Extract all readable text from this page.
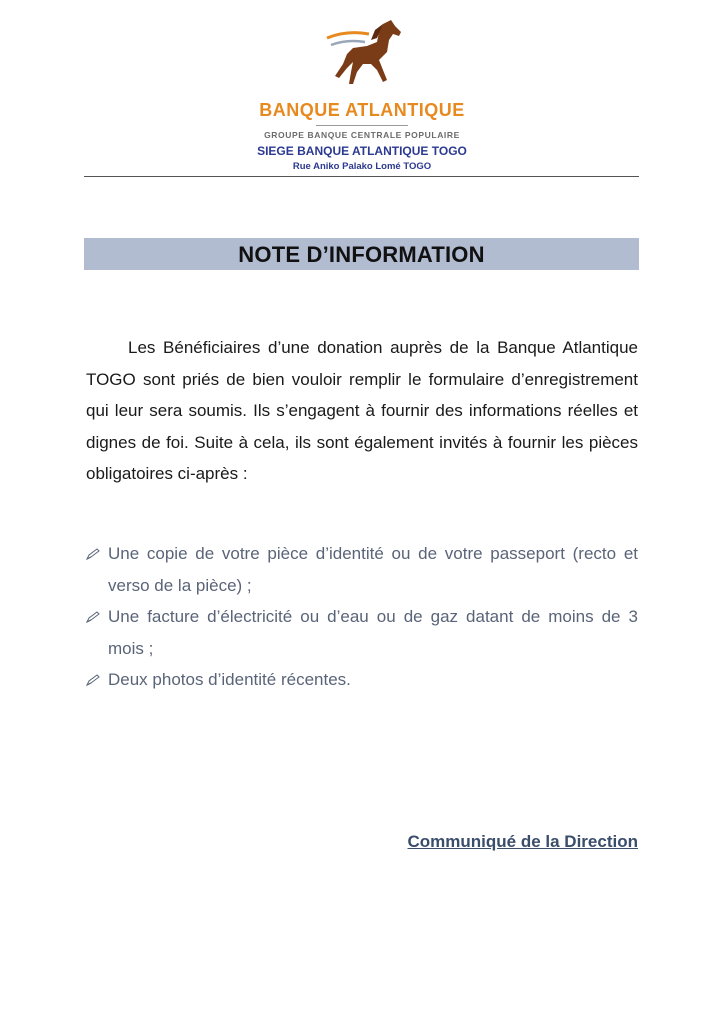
BANQUE ATLANTIQUE
GROUPE BANQUE CENTRALE POPULAIRE
SIEGE BANQUE ATLANTIQUE TOGO
Rue Aniko Palako Lomé TOGO
NOTE D’INFORMATION
Les Bénéficiaires d’une donation auprès de la Banque Atlantique TOGO sont priés de bien vouloir remplir le formulaire d’enregistrement qui leur sera soumis. Ils s’engagent à fournir des informations réelles et dignes de foi. Suite à cela, ils sont également invités à fournir les pièces obligatoires ci-après :
Une copie de votre pièce d’identité ou de votre passeport (recto et verso de la pièce) ;
Une facture d’électricité ou d’eau ou de gaz datant de moins de 3 mois ;
Deux photos d’identité récentes.
Communiqué de la Direction
